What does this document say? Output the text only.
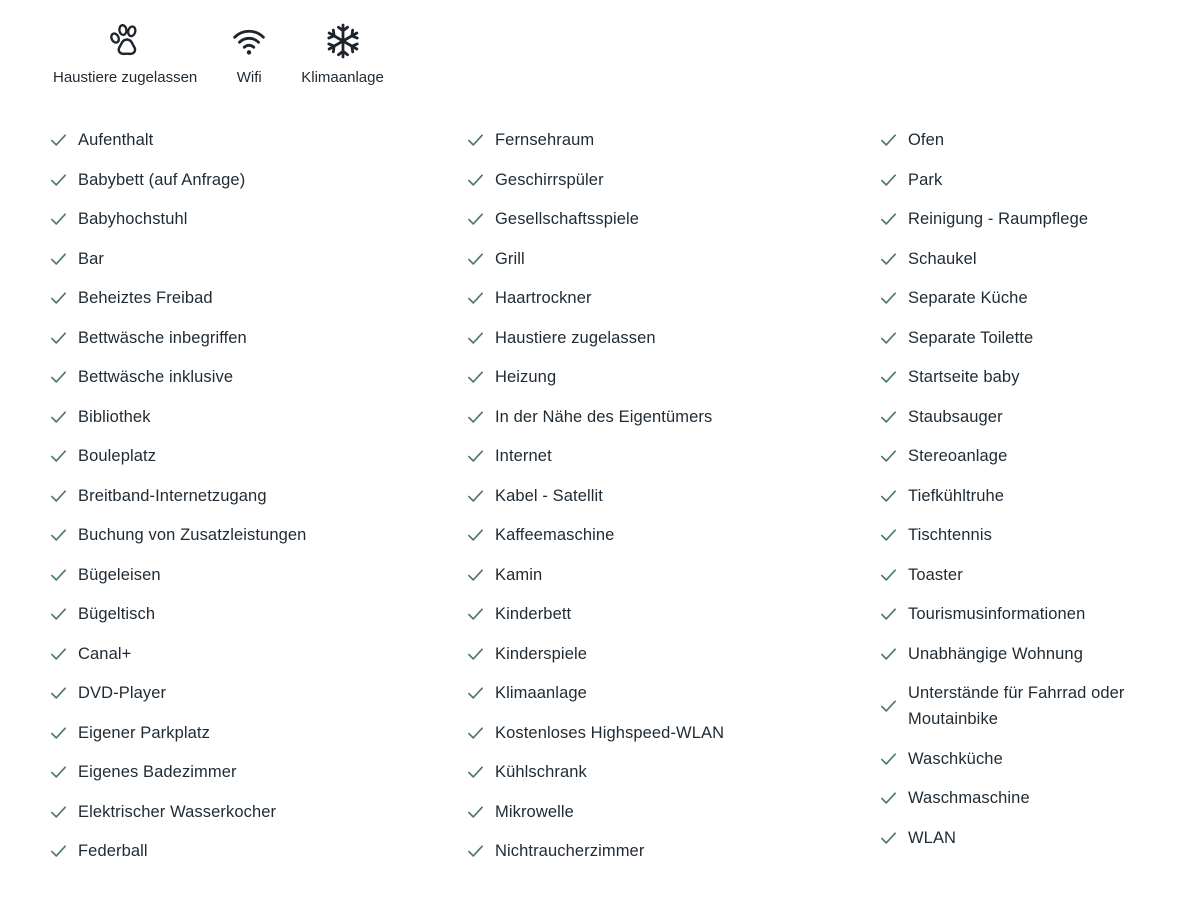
Haustiere zugelassen	Wifi	Klimaanlage
Aufenthalt
Babybett (auf Anfrage)
Babyhochstuhl
Bar
Beheiztes Freibad
Bettwäsche inbegriffen
Bettwäsche inklusive
Bibliothek
Bouleplatz
Breitband-Internetzugang
Buchung von Zusatzleistungen
Bügeleisen
Bügeltisch
Canal+
DVD-Player
Eigener Parkplatz
Eigenes Badezimmer
Elektrischer Wasserkocher
Federball
Fernsehraum
Geschirrspüler
Gesellschaftsspiele
Grill
Haartrockner
Haustiere zugelassen
Heizung
In der Nähe des Eigentümers
Internet
Kabel - Satellit
Kaffeemaschine
Kamin
Kinderbett
Kinderspiele
Klimaanlage
Kostenloses Highspeed-WLAN
Kühlschrank
Mikrowelle
Nichtraucherzimmer
Ofen
Park
Reinigung - Raumpflege
Schaukel
Separate Küche
Separate Toilette
Startseite baby
Staubsauger
Stereoanlage
Tiefkühltruhe
Tischtennis
Toaster
Tourismusinformationen
Unabhängige Wohnung
Unterstände für Fahrrad oder Moutainbike
Waschküche
Waschmaschine
WLAN
